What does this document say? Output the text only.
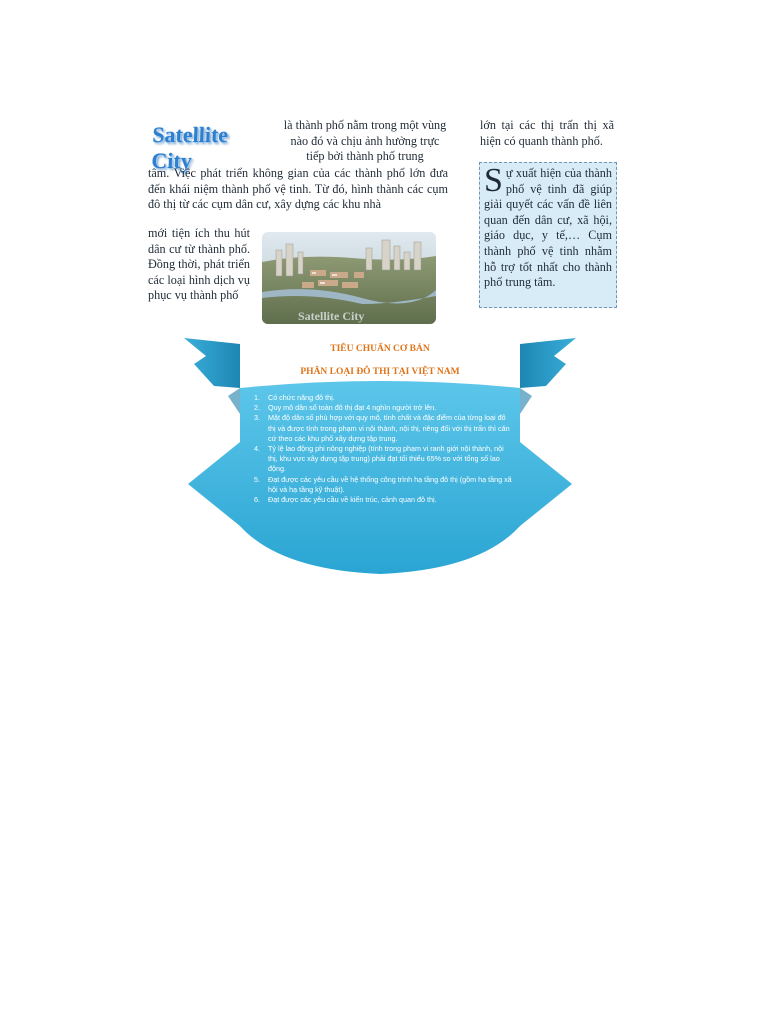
Satellite City
là thành phố nằm trong một vùng nào đó và chịu ảnh hưởng trực tiếp bởi thành phố trung
tâm. Việc phát triển không gian của các thành phố lớn đưa đến khái niệm thành phố vệ tinh. Từ đó, hình thành các cụm đô thị từ các cụm dân cư, xây dựng các khu nhà
mới tiện ích thu hút dân cư từ thành phố. Đồng thời, phát triển các loại hình dịch vụ phục vụ thành phố
lớn tại các thị trấn thị xã hiện có quanh thành phố.
Satellite City
Sự xuất hiện của thành phố vệ tinh đã giúp giải quyết các vấn đề liên quan đến dân cư, xã hội, giáo dục, y tế,… Cụm thành phố vệ tinh nhằm hỗ trợ tốt nhất cho thành phố trung tâm.
TIÊU CHUẨN CƠ BẢN
PHÂN LOẠI ĐÔ THỊ TẠI VIỆT NAM
1. Có chức năng đô thị.
2. Quy mô dân số toàn đô thị đạt 4 nghìn người trở lên.
3. Mật độ dân số phù hợp với quy mô, tính chất và đặc điểm của từng loại đô thị và được tính trong phạm vi nội thành, nội thị, riêng đối với thị trấn thì căn cứ theo các khu phố xây dựng tập trung.
4. Tỷ lệ lao động phi nông nghiệp (tính trong phạm vi ranh giới nội thành, nội thị, khu vực xây dựng tập trung) phải đạt tối thiểu 65% so với tổng số lao động.
5. Đạt được các yêu cầu về hệ thống công trình hạ tầng đô thị (gồm hạ tầng xã hội và hạ tầng kỹ thuật).
6. Đạt được các yêu cầu về kiến trúc, cảnh quan đô thị.
